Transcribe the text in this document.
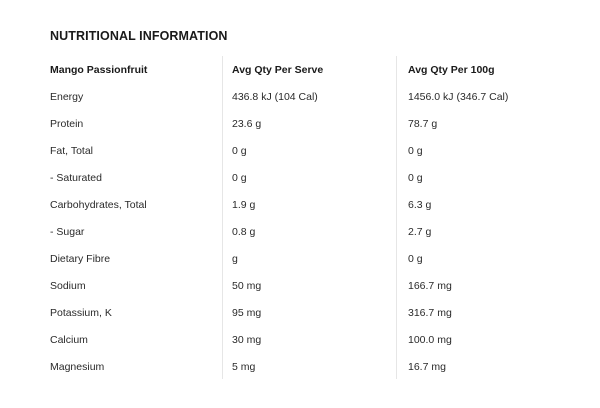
NUTRITIONAL INFORMATION
Mango Passionfruit	Avg Qty Per Serve	Avg Qty Per 100g
Energy	436.8 kJ (104 Cal)	1456.0 kJ (346.7 Cal)
Protein	23.6 g	78.7 g
Fat, Total	0 g	0 g
- Saturated	0 g	0 g
Carbohydrates, Total	1.9 g	6.3 g
- Sugar	0.8 g	2.7 g
Dietary Fibre	g	0 g
Sodium	50 mg	166.7 mg
Potassium, K	95 mg	316.7 mg
Calcium	30 mg	100.0 mg
Magnesium	5 mg	16.7 mg
